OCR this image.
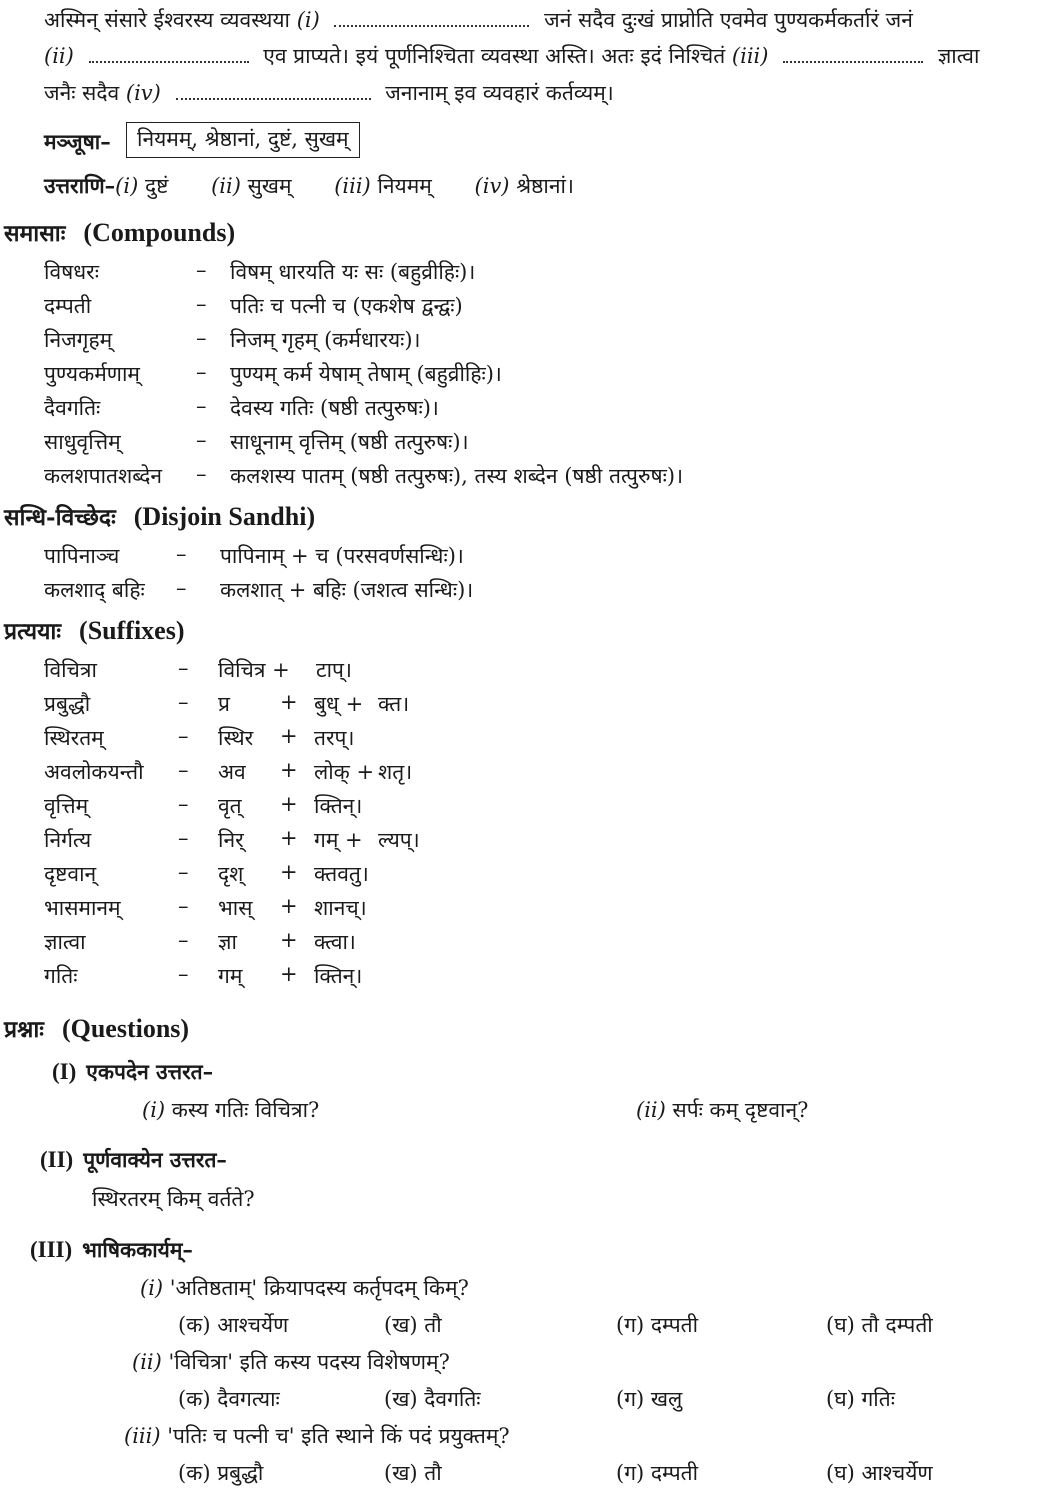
अस्मिन् संसारे ईश्वरस्य व्यवस्थया (i)	जनं सदैव दुःखं प्राप्नोति एवमेव पुण्यकर्मकर्तारं जनं
(ii)	एव प्राप्यते। इयं पूर्णनिश्चिता व्यवस्था अस्ति। अतः इदं निश्चितं (iii)	ज्ञात्वा
जनैः सदैव (iv)	जनानाम् इव व्यवहारं कर्तव्यम्।
मञ्जूषा–	नियमम्, श्रेष्ठानां, दुष्टं, सुखम्
उत्तराणि–(i) दुष्टं (ii) सुखम् (iii) नियमम् (iv) श्रेष्ठानां।
समासाः (Compounds)
विषधरः	– विषम् धारयति यः सः (बहुव्रीहिः)।
दम्पती	– पतिः च पत्नी च (एकशेष द्वन्द्वः)
निजगृहम्	– निजम् गृहम् (कर्मधारयः)।
पुण्यकर्मणाम्	– पुण्यम् कर्म येषाम् तेषाम् (बहुव्रीहिः)।
दैवगतिः	– देवस्य गतिः (षष्ठी तत्पुरुषः)।
साधुवृत्तिम्	– साधूनाम् वृत्तिम् (षष्ठी तत्पुरुषः)।
कलशपातशब्देन – कलशस्य पातम् (षष्ठी तत्पुरुषः), तस्य शब्देन (षष्ठी तत्पुरुषः)।
सन्धि-विच्छेदः (Disjoin Sandhi)
पापिनाञ्च	– पापिनाम् + च (परसवर्णसन्धिः)।
कलशाद् बहिः – कलशात् + बहिः (जशत्व सन्धिः)।
प्रत्ययाः (Suffixes)
विचित्रा	– विचित्र + टाप्।
प्रबुद्धौ	– प्र + बुध् + क्त।
स्थिरतम्	– स्थिर + तरप्।
अवलोकयन्तौ – अव + लोक् + शतृ।
वृत्तिम्	– वृत् + क्तिन्।
निर्गत्य	– निर् + गम् + ल्यप्।
दृष्टवान्	– दृश् + क्तवतु।
भासमानम्	– भास् + शानच्।
ज्ञात्वा	– ज्ञा + क्त्वा।
गतिः	– गम् + क्तिन्।
प्रश्नाः (Questions)
(I) एकपदेन उत्तरत–
(i) कस्य गतिः विचित्रा?	(ii) सर्पः कम् दृष्टवान्?
(II) पूर्णवाक्येन उत्तरत–
स्थिरतरम् किम् वर्तते?
(III) भाषिककार्यम्–
(i) 'अतिष्ठताम्' क्रियापदस्य कर्तृपदम् किम्?
(क) आश्चर्येण	(ख) तौ	(ग) दम्पती	(घ) तौ दम्पती
(ii) 'विचित्रा' इति कस्य पदस्य विशेषणम्?
(क) दैवगत्याः	(ख) दैवगतिः	(ग) खलु	(घ) गतिः
(iii) 'पतिः च पत्नी च' इति स्थाने किं पदं प्रयुक्तम्?
(क) प्रबुद्धौ	(ख) तौ	(ग) दम्पती	(घ) आश्चर्येण
